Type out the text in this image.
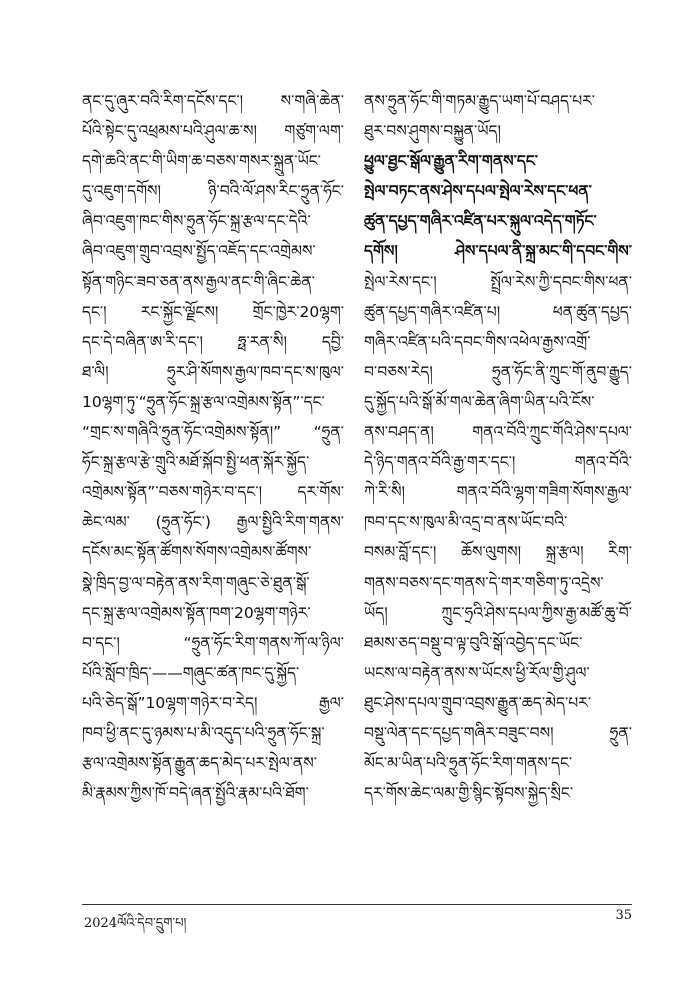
ནང་དུ་ཞུར་བའི་རིག་དངོས་དང་། ས་གཞི་ཆེན་
པོའི་སྟེང་དུ་འཕྲམས་པའི་ཤུལ་ཆ་ས། གཙུག་ལག་
དགེ་ཆའི་ནང་གི་ཡིག་ཆ་བཅས་གསར་སྐྲུན་ཡོང་
དུ་འཇུག་དགོས། ཉི་བའི་ལོ་ཤས་རིང་ཧྲུན་ཧོང་
ཞིབ་འཇུག་ཁང་གིས་ཧྲུན་ཧོང་སྐྲ་རྩལ་དང་དེའི་
ཞིབ་འཇུག་གྲུབ་འབྲས་སྤྱོད་འཇོད་དང་འགྲེམས་
སྟོན་གཉིང་ཟབ་ཅན་ནས་རྒྱལ་ནང་གི་ཞིང་ཆེན་
དང་། རང་སྐྱོང་ལྗོངས། གྲོང་ཁྱེར་20ལྷག་
དང་དེ་བཞིན་ཨ་རི་དང་། ཧྥ་རན་སི། དབྱི་
ཐ་ལི། ཧྲུར་ཤི་སོགས་རྒྱལ་ཁབ་དང་ས་ཁུལ་
10ལྷག་ཏུ་“ཧྲུན་ཧོང་སྐྲ་རྩལ་འགྲེམས་སྟོན”་དང་
“གྲང་ས་གཞིའི་ཧྲུན་ཧོང་འགྲེམས་སྟོན།” “ཧྲུན་
ཧོང་སྐྲ་རྩལ་རྩེ་གྲུའི་མཐོ་སྐོབ་སྤྱི་ཕན་སྐོར་སྐྱོད་
འགྲེམས་སྟོན”་བཅས་གཉེར་བ་དང་། དར་གོས་
ཆེང་ལམ་ (ཧྲུན་ཧོང་) རྒྱལ་སྤྱིའི་རིག་གནས་
དངོས་མང་སྟོན་ཚོགས་སོགས་འགྲེམས་ཚོགས་
སྣེ་ཁྲིད་བྱ་ལ་བརྟེན་ནས་རིག་གཞུང་ཅེ་ཐུན་སྒོ་
དང་སྐྲ་རྩལ་འགྲེམས་སྟོན་ཁག་20ལྷག་གཉེར་
བ་དང་། “ཧྲུན་ཧོང་རིག་གནས་ཀོ་ལ་ཉིལ་
པོའི་སློབ་ཁྲིད་——གཞུང་ཚན་ཁང་དུ་སྐྱོད་
པའི་ཅེད་སྒོ”10ལྷག་གཉེར་བ་རེད། རྒྱལ་
ཁབ་ཕྱི་ནང་དུ་ཉམས་པ་མི་འདུད་པའི་ཧྲུན་ཧོང་སྐྲ་
རྩལ་འགྲེམས་སྟོན་རྒྱུན་ཆད་མེད་པར་སྤེལ་ནས་
མི་རྣམས་ཀྱིས་ཁོ་བདེ་ཞན་སྤྱོའི་རྣམ་པའི་ཐོག་
ནས་ཧྲུན་ཧོང་གི་གཏམ་རྒྱུད་ཡག་པོ་བཤད་པར་
ཐུར་བས་ཤུགས་བསྐྱུན་ཡོད།
ཕྱུལ་ཐྱང་སྒོལ་རྒྱུན་རིག་གནས་དང་
སྤེལ་བཏང་ནས་ཤེས་དཔལ་སྤེལ་རེས་དང་ཕན་
ཚུན་དཔྱད་གཞིར་འཛིན་པར་སྐུལ་འདེད་གཏོང་
དགོས། ཤེས་དཔལ་ནི་སྐྲ་མང་གི་དབང་གིས་
སྤེལ་རེས་དང་། སྤྲོལ་རེས་ཀྱི་དབང་གིས་ཕན་
ཚུན་དཔྱད་གཞིར་འཛིན་པ། ཕན་ཚུན་དཔྱད་
གཞིར་འཛིན་པའི་དབང་གིས་འཕེལ་རྒྱས་འགྲོ་
བ་བཅས་རེད། ཧྲུན་ཧོང་ནི་ཀྲུང་གོ་ནུབ་རྒྱུད་
དུ་སྐྱོད་པའི་སྒོ་མོ་གལ་ཆེན་ཞིག་ཡིན་པའི་ངོས་
ནས་བཤད་ན། གནའ་བོའི་ཀྲུང་གོའི་ཤེས་དཔལ་
དེ་ཉིད་གནའ་བོའི་རྒྱ་གར་དང་། གནའ་བོའི་
ཀེ་རི་སི། གནའ་བོའི་ལྷག་གཟིག་སོགས་རྒྱལ་
ཁབ་དང་ས་ཁུལ་མི་འདྲ་བ་ནས་ཡོང་བའི་
བསམ་བློ་དང་། ཆོས་ལུགས། སྐྲ་རྩལ། རིག་
གནས་བཅས་དང་གནས་དེ་གར་གཅིག་ཏུ་འདྲེས་
ཡོད། ཀྲུང་ཧྲའི་ཤེས་དཔལ་ཀྱིས་རྒྱ་མཚོ་ཆུ་བོ་
ཐམས་ཅད་བསྡུ་བ་ལྟ་བུའི་སྒོ་འབྱེད་དང་ཡོང་
ཡངས་ལ་བརྟེན་ནས་ས་ཡོངས་ཕྱི་རོལ་གྱི་ཤུལ་
ཐུང་ཤེས་དཔལ་གྲུབ་འབྲས་རྒྱུན་ཆད་མེད་པར་
བསྡུ་ལེན་དང་དཔྱད་གཞིར་བཟུང་བས། ཧྲུན་
མོང་མ་ཡིན་པའི་ཧྲུན་ཧོང་རིག་གནས་དང་
དར་གོས་ཆེང་ལམ་གྱི་སྙིང་སྟོབས་སྐྱེད་སྲིང་
2024ལོའི་དེབ་དྲུག་པ།
35
